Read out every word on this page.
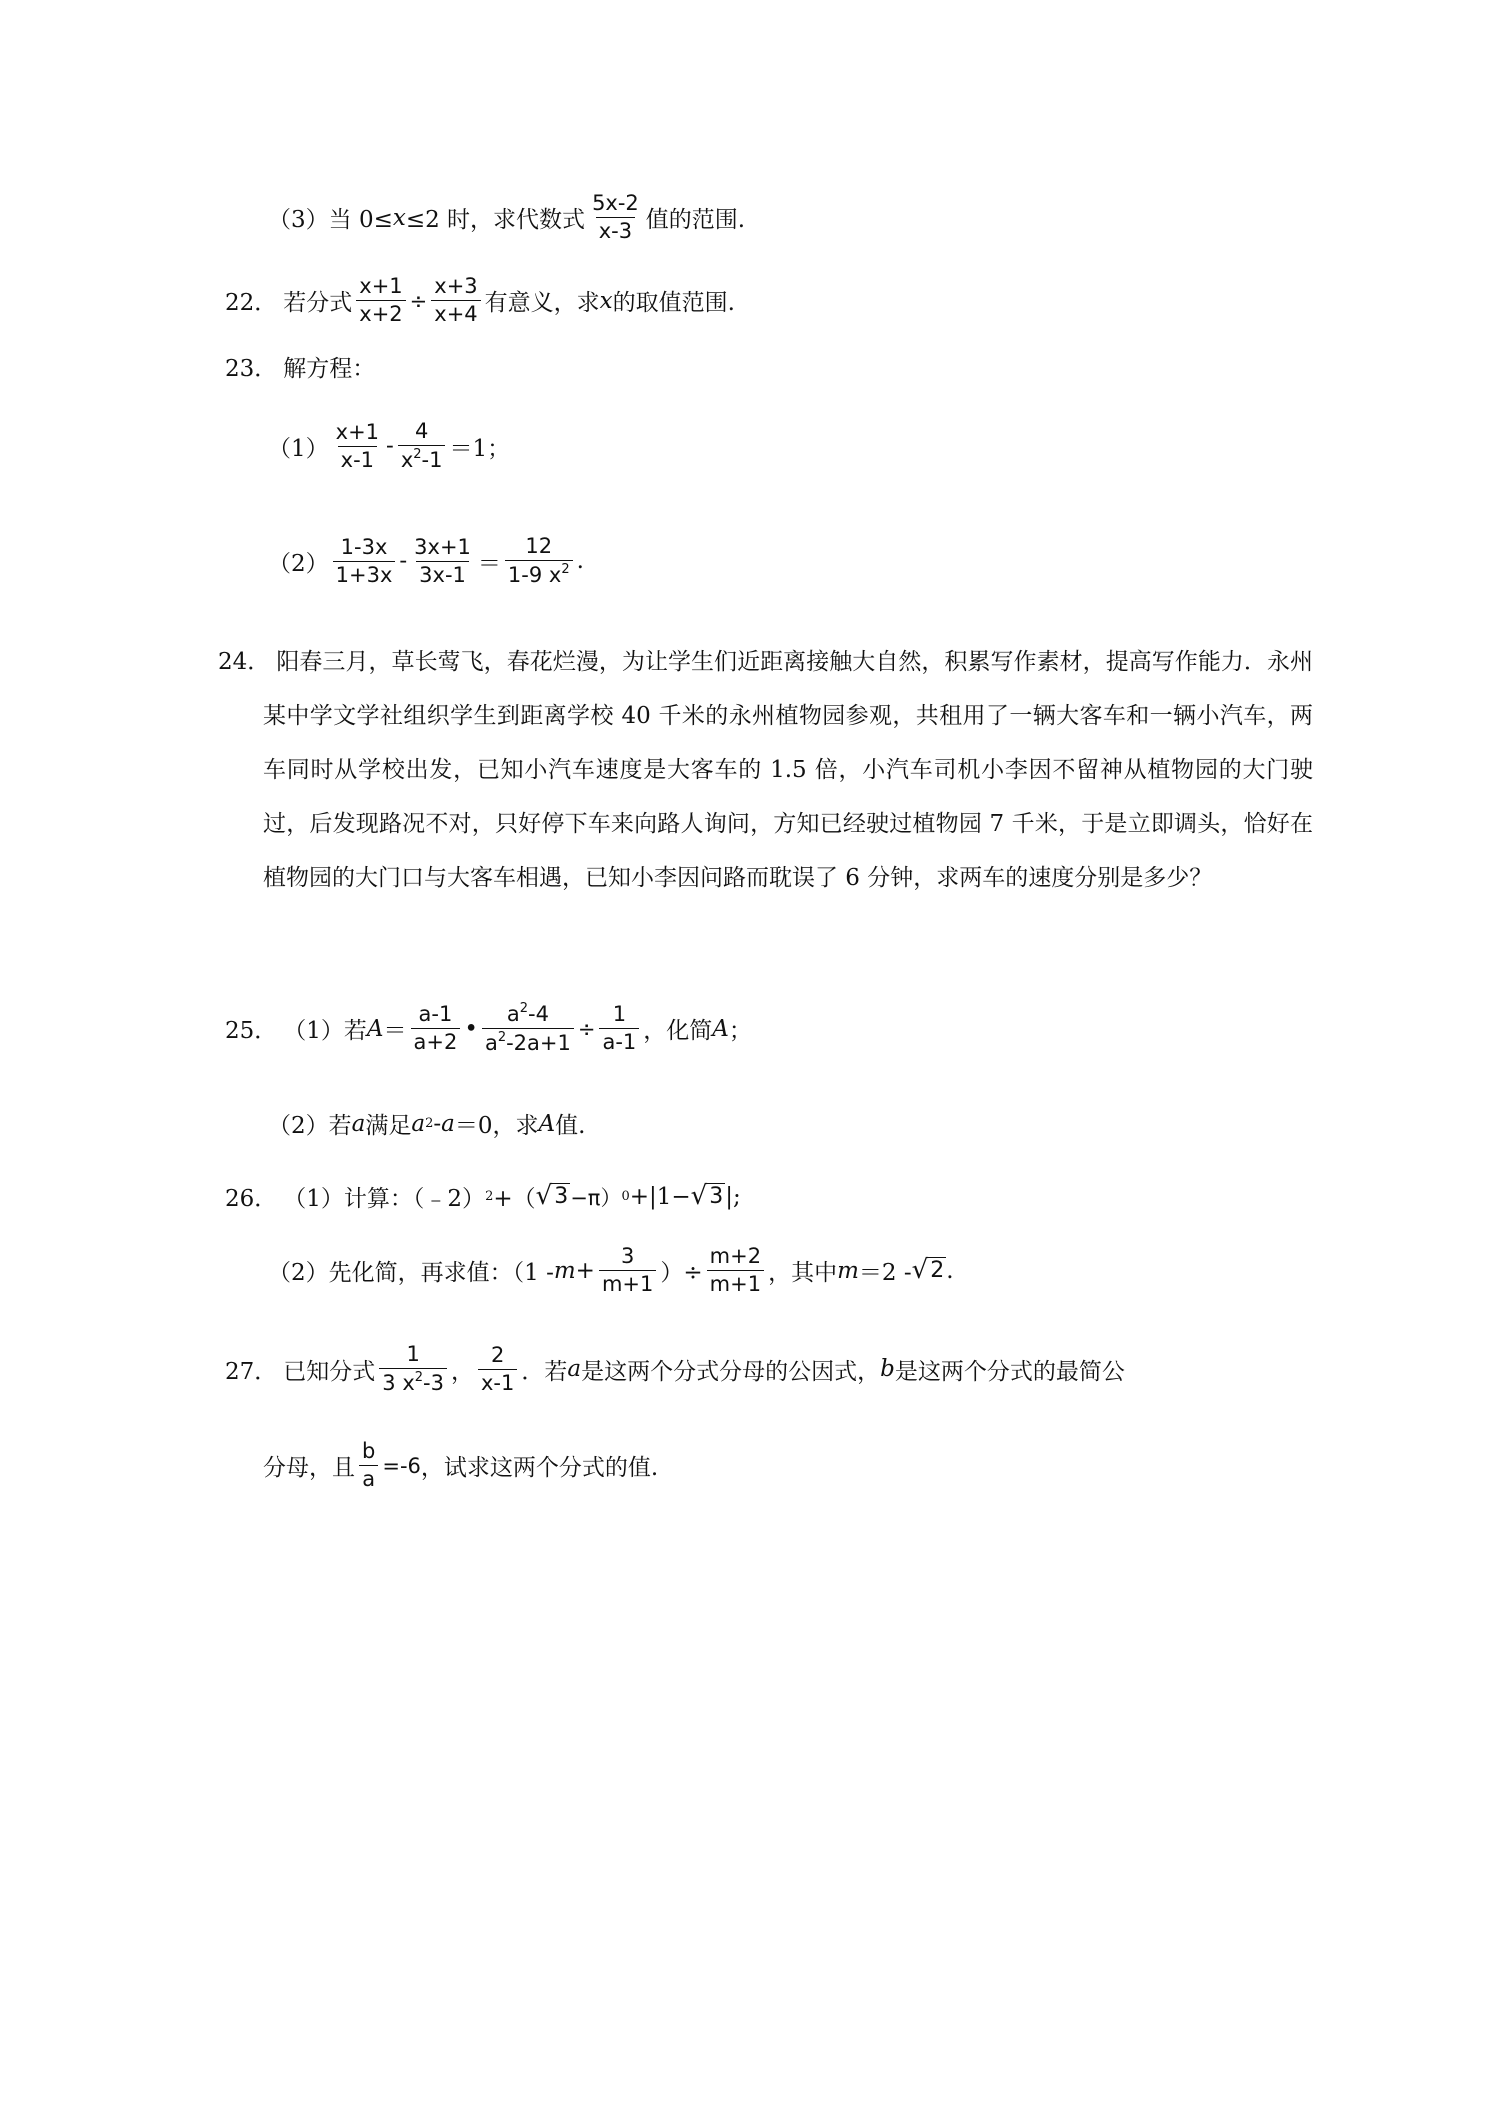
（3）当 0≤ x ≤2 时，求代数式 $\frac{5x-2}{x-3}$ 值的范围.
22． 若分式 $\frac{x+1}{x+2} \div \frac{x+3}{x+4}$ 有意义，求 x 的取值范围.
23． 解方程：
$(1) \frac{x+1}{x-1} - \frac{4}{x^2-1} =1$；
$(2) \frac{1-3x}{1+3x} - \frac{3x+1}{3x-1} = \frac{12}{1-9 x^2}$ .
24． 阳春三月，草长莺飞，春花烂漫，为让学生们近距离接触大自然，积累写作素材，提高写作能力．永州某中学文学社组织学生到距离学校 40 千米的永州植物园参观，共租用了一辆大客车和一辆小汽车，两车同时从学校出发，已知小汽车速度是大客车的 1.5 倍，小汽车司机小李因不留神从植物园的大门驶过，后发现路况不对，只好停下车来向路人询问，方知已经驶过植物园 7 千米，于是立即调头，恰好在植物园的大门口与大客车相遇，已知小李因问路而耽误了 6 分钟，求两车的速度分别是多少？
25． （1）若 $A = \frac{a-1}{a+2}$ • $\frac{a^2-4}{a^2-2a+1} \div \frac{1}{a-1}$ ，化简 A ；
（2）若 a 满足 a 2 - a ＝0，求 A 值.
26． （1）计算：（﹣2） 2 +（ √ 3 −π） 0 +|1− √ 3 |;
（2）先化简，再求值：（$1 - m + \frac{3}{m+1}$ ）÷ $\frac{m+2}{m+1}$ ，其中 m ＝2 - √ 2 .
27． 已知分式 $\frac{1}{3 x^2-3}$ ， $\frac{2}{x-1}$ ．若 a 是这两个分式分母的公因式， b 是这两个分式的最简公
分母，且 $\frac{b}{a} =-6$ ，试求这两个分式的值.
